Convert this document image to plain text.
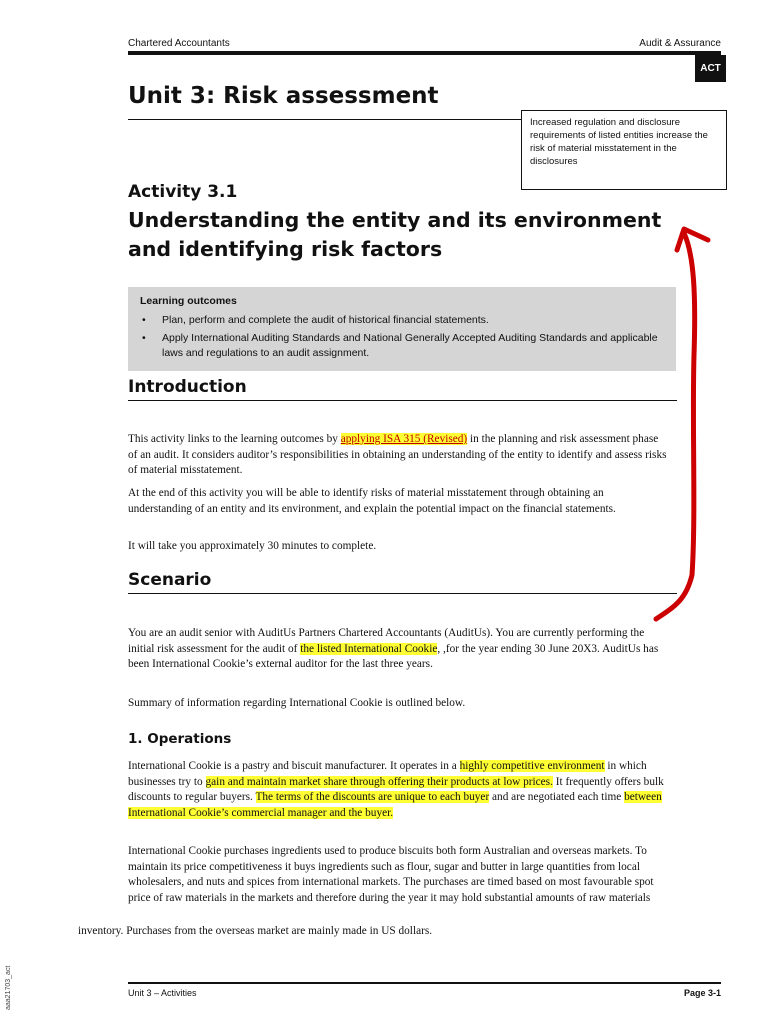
Chartered Accountants	Audit & Assurance
ACT
Unit 3: Risk assessment
Increased regulation and disclosure requirements of listed entities increase the risk of material misstatement in the disclosures
Activity 3.1
Understanding the entity and its environment and identifying risk factors
Learning outcomes
• Plan, perform and complete the audit of historical financial statements.
• Apply International Auditing Standards and National Generally Accepted Auditing Standards and applicable laws and regulations to an audit assignment.
Introduction

This activity links to the learning outcomes by applying ISA 315 (Revised) in the planning and risk assessment phase of an audit. It considers auditor’s responsibilities in obtaining an understanding of the entity to identify and assess risks of material misstatement.

At the end of this activity you will be able to identify risks of material misstatement through obtaining an understanding of an entity and its environment, and explain the potential impact on the financial statements.

It will take you approximately 30 minutes to complete.

Scenario

You are an audit senior with AuditUs Partners Chartered Accountants (AuditUs). You are currently performing the initial risk assessment for the audit of the listed International Cookie, ,for the year ending 30 June 20X3. AuditUs has been International Cookie’s external auditor for the last three years.

Summary of information regarding International Cookie is outlined below.

1. Operations

International Cookie is a pastry and biscuit manufacturer. It operates in a highly competitive environment in which businesses try to gain and maintain market share through offering their products at low prices. It frequently offers bulk discounts to regular buyers. The terms of the discounts are unique to each buyer and are negotiated each time between International Cookie’s commercial manager and the buyer.

International Cookie purchases ingredients used to produce biscuits both form Australian and overseas markets. To maintain its price competitiveness it buys ingredients such as flour, sugar and butter in large quantities from local wholesalers, and nuts and spices from international markets. The purchases are timed based on most favourable spot price of raw materials in the markets and therefore during the year it may hold substantial amounts of raw materials

inventory. Purchases from the overseas market are mainly made in US dollars.

Unit 3 – Activities	Page 3-1
aaa21703_act
